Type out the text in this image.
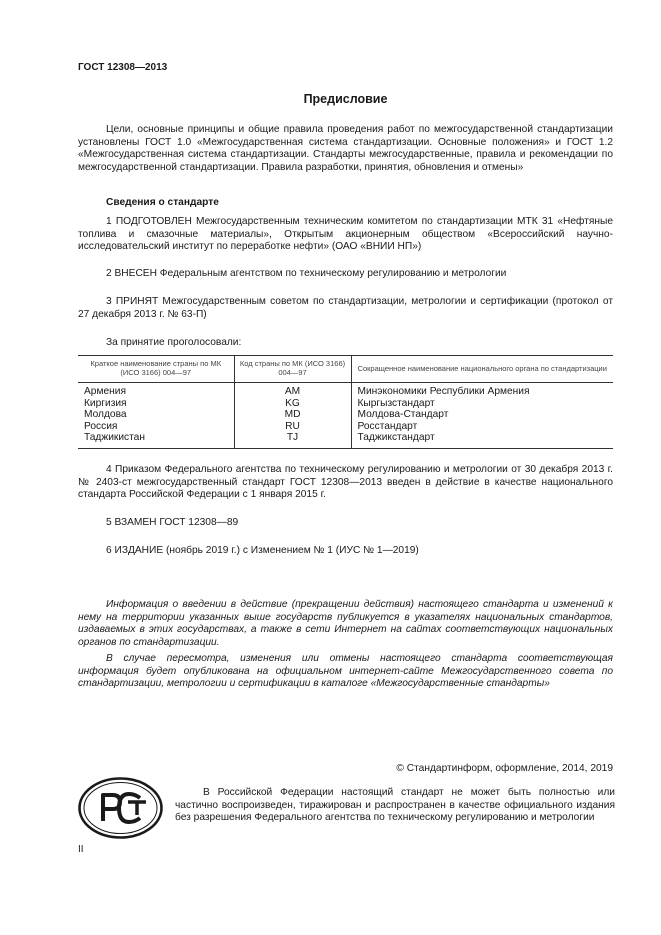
ГОСТ 12308—2013
Предисловие
Цели, основные принципы и общие правила проведения работ по межгосударственной стандартизации установлены ГОСТ 1.0 «Межгосударственная система стандартизации. Основные положения» и ГОСТ 1.2 «Межгосударственная система стандартизации. Стандарты межгосударственные, правила и рекомендации по межгосударственной стандартизации. Правила разработки, принятия, обновления и отмены»
Сведения о стандарте
1 ПОДГОТОВЛЕН Межгосударственным техническим комитетом по стандартизации МТК 31 «Нефтяные топлива и смазочные материалы», Открытым акционерным обществом «Всероссийский научно-исследовательский институт по переработке нефти» (ОАО «ВНИИ НП»)
2 ВНЕСЕН Федеральным агентством по техническому регулированию и метрологии
3 ПРИНЯТ Межгосударственным советом по стандартизации, метрологии и сертификации (протокол от 27 декабря 2013 г. № 63-П)
За принятие проголосовали:
Краткое наименование страны по МК (ИСО 3166) 004—97	Код страны по МК (ИСО 3166) 004—97	Сокращенное наименование национального органа по стандартизации
Армения	AM	Минэкономики Республики Армения
Киргизия	KG	Кыргызстандарт
Молдова	MD	Молдова-Стандарт
Россия	RU	Росстандарт
Таджикистан	TJ	Таджикстандарт
4 Приказом Федерального агентства по техническому регулированию и метрологии от 30 декабря 2013 г. № 2403-ст межгосударственный стандарт ГОСТ 12308—2013 введен в действие в качестве национального стандарта Российской Федерации с 1 января 2015 г.
5 ВЗАМЕН ГОСТ 12308—89
6 ИЗДАНИЕ (ноябрь 2019 г.) с Изменением № 1 (ИУС № 1—2019)
Информация о введении в действие (прекращении действия) настоящего стандарта и изменений к нему на территории указанных выше государств публикуется в указателях национальных стандартов, издаваемых в этих государствах, а также в сети Интернет на сайтах соответствующих национальных органов по стандартизации.
В случае пересмотра, изменения или отмены настоящего стандарта соответствующая информация будет опубликована на официальном интернет-сайте Межгосударственного совета по стандартизации, метрологии и сертификации в каталоге «Межгосударственные стандарты»
© Стандартинформ, оформление, 2014, 2019
В Российской Федерации настоящий стандарт не может быть полностью или частично воспроизведен, тиражирован и распространен в качестве официального издания без разрешения Федерального агентства по техническому регулированию и метрологии
II
